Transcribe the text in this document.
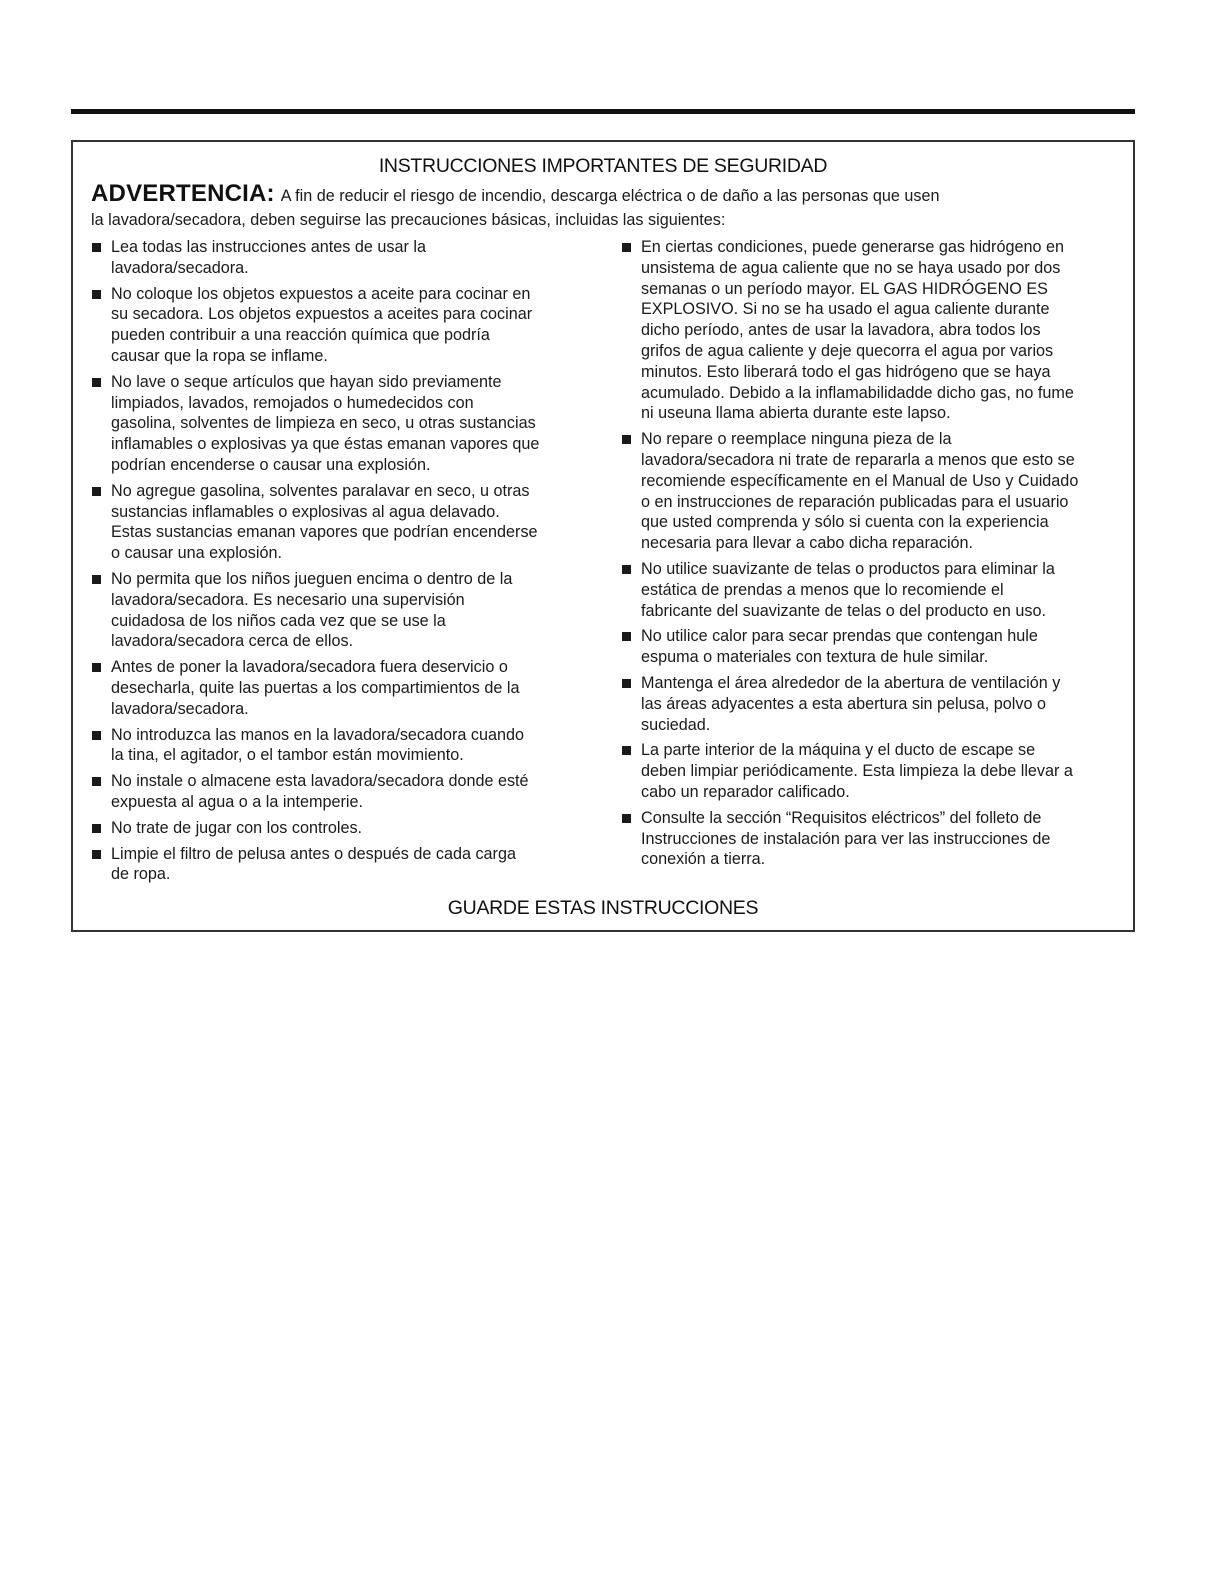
INSTRUCCIONES IMPORTANTES DE SEGURIDAD

ADVERTENCIA: A fin de reducir el riesgo de incendio, descarga eléctrica o de daño a las personas que usen
la lavadora/secadora, deben seguirse las precauciones básicas, incluidas las siguientes:

Lea todas las instrucciones antes de usar la
lavadora/secadora.
No coloque los objetos expuestos a aceite para cocinar en
su secadora. Los objetos expuestos a aceites para cocinar
pueden contribuir a una reacción química que podría
causar que la ropa se inflame.
No lave o seque artículos que hayan sido previamente
limpiados, lavados, remojados o humedecidos con
gasolina, solventes de limpieza en seco, u otras sustancias
inflamables o explosivas ya que éstas emanan vapores que
podrían encenderse o causar una explosión.
No agregue gasolina, solventes paralavar en seco, u otras
sustancias inflamables o explosivas al agua delavado.
Estas sustancias emanan vapores que podrían encenderse
o causar una explosión.
No permita que los niños jueguen encima o dentro de la
lavadora/secadora. Es necesario una supervisión
cuidadosa de los niños cada vez que se use la
lavadora/secadora cerca de ellos.
Antes de poner la lavadora/secadora fuera deservicio o
desecharla, quite las puertas a los compartimientos de la
lavadora/secadora.
No introduzca las manos en la lavadora/secadora cuando
la tina, el agitador, o el tambor están movimiento.
No instale o almacene esta lavadora/secadora donde esté
expuesta al agua o a la intemperie.
No trate de jugar con los controles.
Limpie el filtro de pelusa antes o después de cada carga
de ropa.
En ciertas condiciones, puede generarse gas hidrógeno en
unsistema de agua caliente que no se haya usado por dos
semanas o un período mayor. EL GAS HIDRÓGENO ES
EXPLOSIVO. Si no se ha usado el agua caliente durante
dicho período, antes de usar la lavadora, abra todos los
grifos de agua caliente y deje quecorra el agua por varios
minutos. Esto liberará todo el gas hidrógeno que se haya
acumulado. Debido a la inflamabilidadde dicho gas, no fume
ni useuna llama abierta durante este lapso.
No repare o reemplace ninguna pieza de la
lavadora/secadora ni trate de repararla a menos que esto se
recomiende específicamente en el Manual de Uso y Cuidado
o en instrucciones de reparación publicadas para el usuario
que usted comprenda y sólo si cuenta con la experiencia
necesaria para llevar a cabo dicha reparación.
No utilice suavizante de telas o productos para eliminar la
estática de prendas a menos que lo recomiende el
fabricante del suavizante de telas o del producto en uso.
No utilice calor para secar prendas que contengan hule
espuma o materiales con textura de hule similar.
Mantenga el área alrededor de la abertura de ventilación y
las áreas adyacentes a esta abertura sin pelusa, polvo o
suciedad.
La parte interior de la máquina y el ducto de escape se
deben limpiar periódicamente. Esta limpieza la debe llevar a
cabo un reparador calificado.
Consulte la sección “Requisitos eléctricos” del folleto de
Instrucciones de instalación para ver las instrucciones de
conexión a tierra.
GUARDE ESTAS INSTRUCCIONES
